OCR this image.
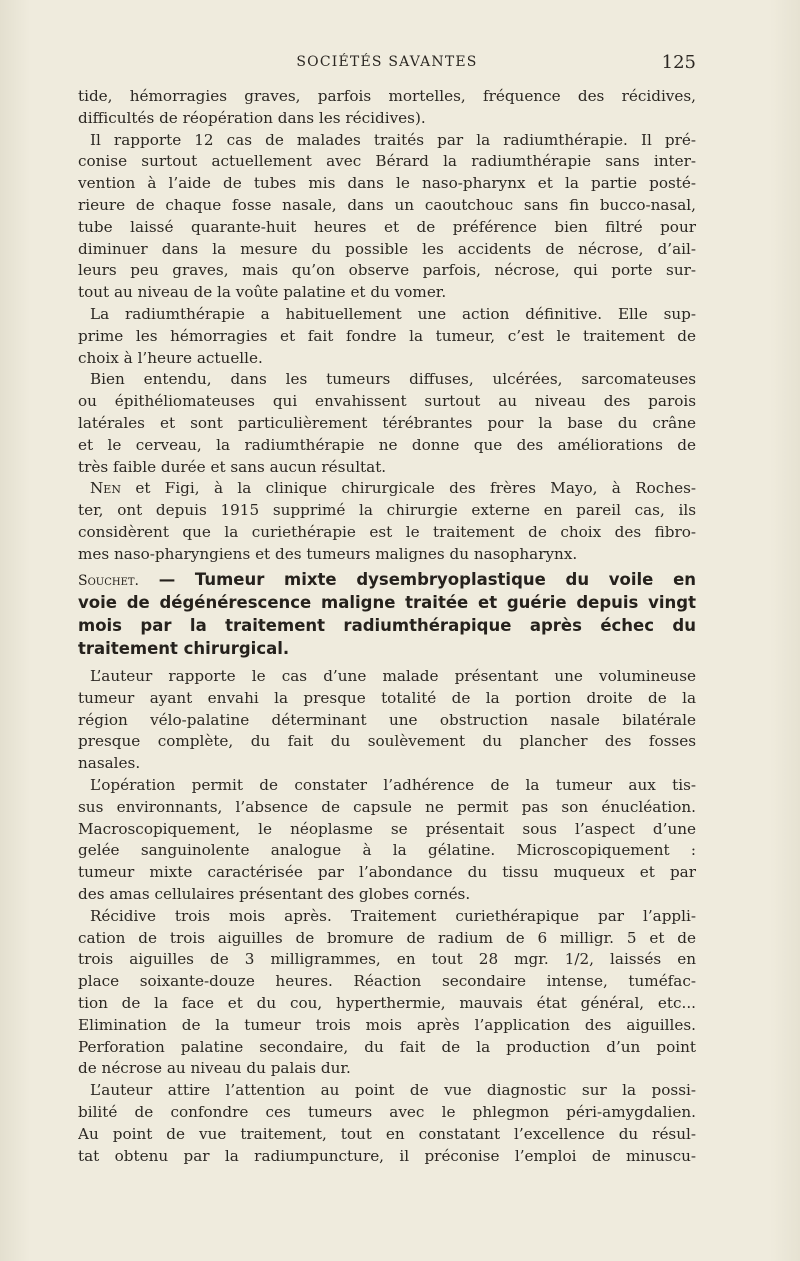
SOCIÉTÉS SAVANTES	125
tide, hémorragies graves, parfois mortelles, fréquence des récidives,
difficultés de réopération dans les récidives).
Il rapporte 12 cas de malades traités par la radiumthérapie. Il pré-
conise surtout actuellement avec Bérard la radiumthérapie sans inter-
vention à l’aide de tubes mis dans le naso-pharynx et la partie posté-
rieure de chaque fosse nasale, dans un caoutchouc sans fin bucco-nasal,
tube laissé quarante-huit heures et de préférence bien filtré pour
diminuer dans la mesure du possible les accidents de nécrose, d’ail-
leurs peu graves, mais qu’on observe parfois, nécrose, qui porte sur-
tout au niveau de la voûte palatine et du vomer.
La radiumthérapie a habituellement une action définitive. Elle sup-
prime les hémorragies et fait fondre la tumeur, c’est le traitement de
choix à l’heure actuelle.
Bien entendu, dans les tumeurs diffuses, ulcérées, sarcomateuses
ou épithéliomateuses qui envahissent surtout au niveau des parois
latérales et sont particulièrement térébrantes pour la base du crâne
et le cerveau, la radiumthérapie ne donne que des améliorations de
très faible durée et sans aucun résultat.
Nen et Figi, à la clinique chirurgicale des frères Mayo, à Roches-
ter, ont depuis 1915 supprimé la chirurgie externe en pareil cas, ils
considèrent que la curiethérapie est le traitement de choix des fibro-
mes naso-pharyngiens et des tumeurs malignes du nasopharynx.
Souchet. — Tumeur mixte dysembryoplastique du voile en
voie de dégénérescence maligne traitée et guérie depuis vingt
mois par la traitement radiumthérapique après échec du
traitement chirurgical.
L’auteur rapporte le cas d’une malade présentant une volumineuse
tumeur ayant envahi la presque totalité de la portion droite de la
région vélo-palatine déterminant une obstruction nasale bilatérale
presque complète, du fait du soulèvement du plancher des fosses
nasales.
L’opération permit de constater l’adhérence de la tumeur aux tis-
sus environnants, l’absence de capsule ne permit pas son énucléation.
Macroscopiquement, le néoplasme se présentait sous l’aspect d’une
gelée sanguinolente analogue à la gélatine. Microscopiquement :
tumeur mixte caractérisée par l’abondance du tissu muqueux et par
des amas cellulaires présentant des globes cornés.
Récidive trois mois après. Traitement curiethérapique par l’appli-
cation de trois aiguilles de bromure de radium de 6 milligr. 5 et de
trois aiguilles de 3 milligrammes, en tout 28 mgr. 1/2, laissés en
place soixante-douze heures. Réaction secondaire intense, tuméfac-
tion de la face et du cou, hyperthermie, mauvais état général, etc...
Elimination de la tumeur trois mois après l’application des aiguilles.
Perforation palatine secondaire, du fait de la production d’un point
de nécrose au niveau du palais dur.
L’auteur attire l’attention au point de vue diagnostic sur la possi-
bilité de confondre ces tumeurs avec le phlegmon péri-amygdalien.
Au point de vue traitement, tout en constatant l’excellence du résul-
tat obtenu par la radiumpuncture, il préconise l’emploi de minuscu-
